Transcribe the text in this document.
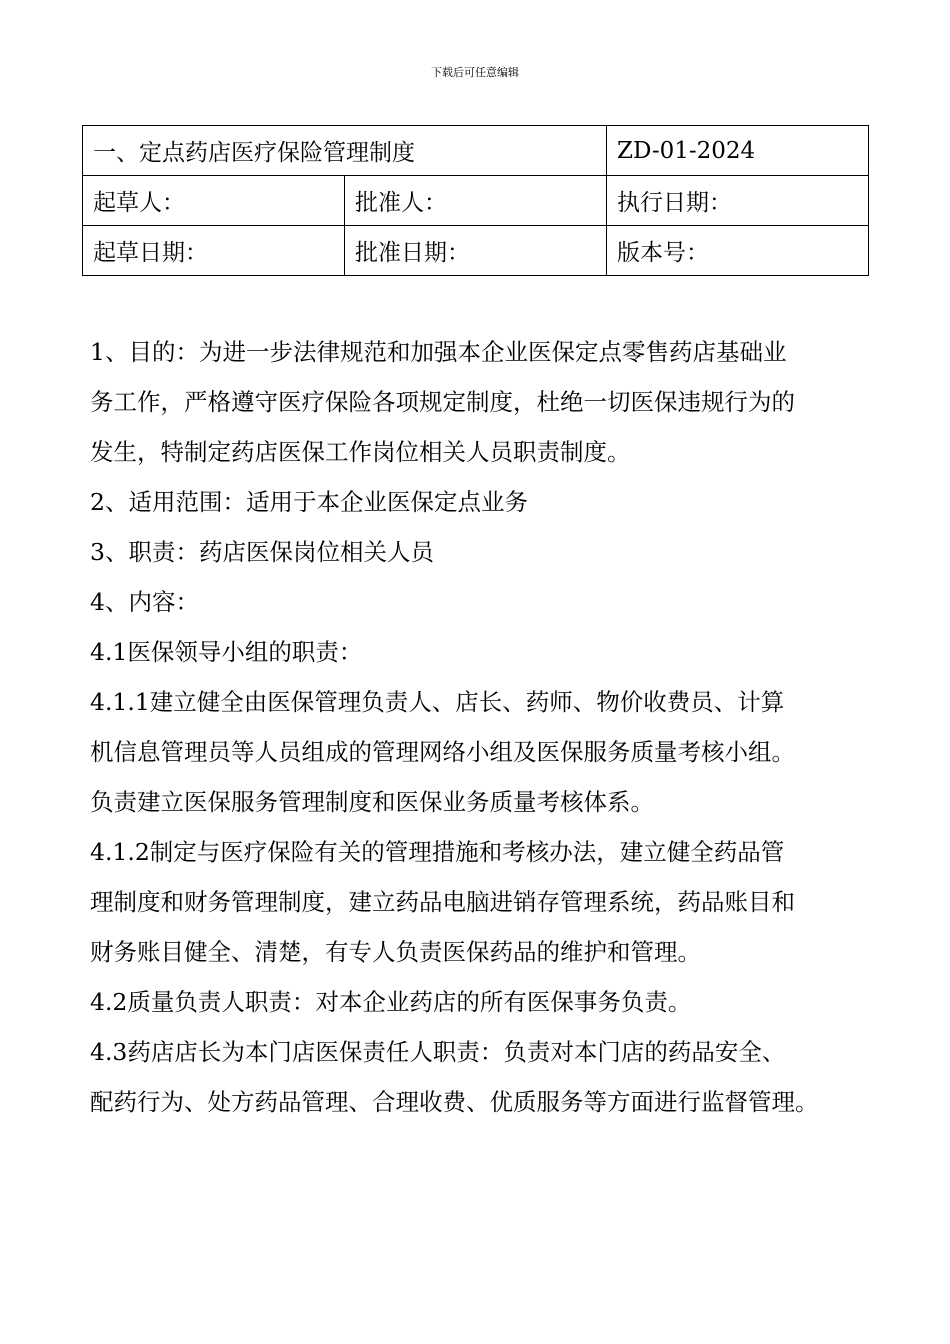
下载后可任意编辑
一、定点药店医疗保险管理制度		ZD-01-2024
起草人：	批准人：	执行日期：
起草日期：	批准日期：	版本号：

1、目的：为进一步法律规范和加强本企业医保定点零售药店基础业

务工作，严格遵守医疗保险各项规定制度，杜绝一切医保违规行为的

发生，特制定药店医保工作岗位相关人员职责制度。

2、适用范围：适用于本企业医保定点业务

3、职责：药店医保岗位相关人员

4、内容：

4.1医保领导小组的职责：

4.1.1建立健全由医保管理负责人、店长、药师、物价收费员、计算

机信息管理员等人员组成的管理网络小组及医保服务质量考核小组。

负责建立医保服务管理制度和医保业务质量考核体系。

4.1.2制定与医疗保险有关的管理措施和考核办法，建立健全药品管

理制度和财务管理制度，建立药品电脑进销存管理系统，药品账目和

财务账目健全、清楚，有专人负责医保药品的维护和管理。

4.2质量负责人职责：对本企业药店的所有医保事务负责。

4.3药店店长为本门店医保责任人职责：负责对本门店的药品安全、

配药行为、处方药品管理、合理收费、优质服务等方面进行监督管理。
